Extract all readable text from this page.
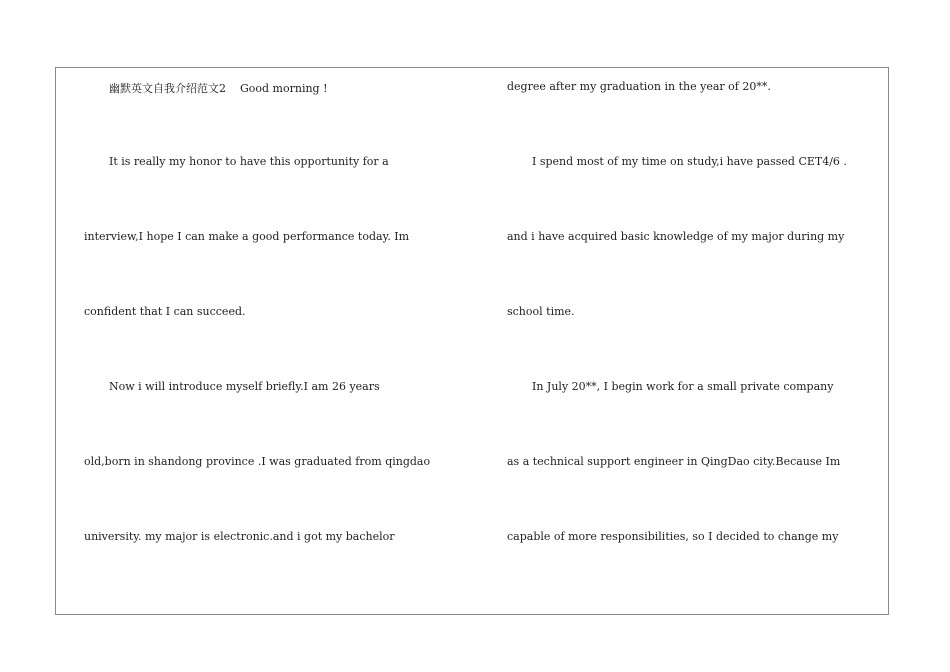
幽默英文自我介绍范文2    Good morning !
It is really my honor to have this opportunity for a
interview,I hope I can make a good performance today. Im
confident that I can succeed.
Now i will introduce myself briefly.I am 26 years
old,born in shandong province .I was graduated from qingdao
university. my major is electronic.and i got my bachelor
degree after my graduation in the year of 20**.
I spend most of my time on study,i have passed CET4/6 .
and i have acquired basic knowledge of my major during my
school time.
In July 20**, I begin work for a small private company
as a technical support engineer in QingDao city.Because Im
capable of more responsibilities, so I decided to change my
